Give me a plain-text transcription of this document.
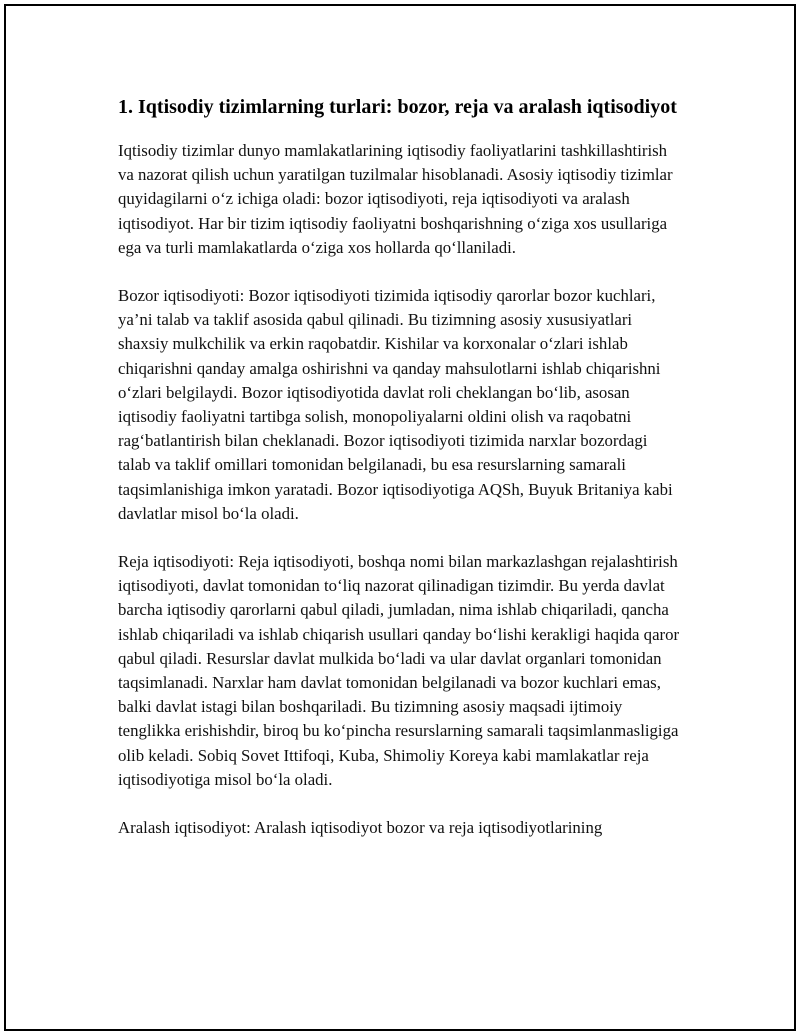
1. Iqtisodiy tizimlarning turlari: bozor, reja va aralash iqtisodiyot

Iqtisodiy tizimlar dunyo mamlakatlarining iqtisodiy faoliyatlarini tashkillashtirish va nazorat qilish uchun yaratilgan tuzilmalar hisoblanadi. Asosiy iqtisodiy tizimlar quyidagilarni o‘z ichiga oladi: bozor iqtisodiyoti, reja iqtisodiyoti va aralash iqtisodiyot. Har bir tizim iqtisodiy faoliyatni boshqarishning o‘ziga xos usullariga ega va turli mamlakatlarda o‘ziga xos hollarda qo‘llaniladi.

Bozor iqtisodiyoti: Bozor iqtisodiyoti tizimida iqtisodiy qarorlar bozor kuchlari, ya’ni talab va taklif asosida qabul qilinadi. Bu tizimning asosiy xususiyatlari shaxsiy mulkchilik va erkin raqobatdir. Kishilar va korxonalar o‘zlari ishlab chiqarishni qanday amalga oshirishni va qanday mahsulotlarni ishlab chiqarishni o‘zlari belgilaydi. Bozor iqtisodiyotida davlat roli cheklangan bo‘lib, asosan iqtisodiy faoliyatni tartibga solish, monopoliyalarni oldini olish va raqobatni rag‘batlantirish bilan cheklanadi. Bozor iqtisodiyoti tizimida narxlar bozordagi talab va taklif omillari tomonidan belgilanadi, bu esa resurslarning samarali taqsimlanishiga imkon yaratadi. Bozor iqtisodiyotiga AQSh, Buyuk Britaniya kabi davlatlar misol bo‘la oladi.

Reja iqtisodiyoti: Reja iqtisodiyoti, boshqa nomi bilan markazlashgan rejalashtirish iqtisodiyoti, davlat tomonidan to‘liq nazorat qilinadigan tizimdir. Bu yerda davlat barcha iqtisodiy qarorlarni qabul qiladi, jumladan, nima ishlab chiqariladi, qancha ishlab chiqariladi va ishlab chiqarish usullari qanday bo‘lishi kerakligi haqida qaror qabul qiladi. Resurslar davlat mulkida bo‘ladi va ular davlat organlari tomonidan taqsimlanadi. Narxlar ham davlat tomonidan belgilanadi va bozor kuchlari emas, balki davlat istagi bilan boshqariladi. Bu tizimning asosiy maqsadi ijtimoiy tenglikka erishishdir, biroq bu ko‘pincha resurslarning samarali taqsimlanmasligiga olib keladi. Sobiq Sovet Ittifoqi, Kuba, Shimoliy Koreya kabi mamlakatlar reja iqtisodiyotiga misol bo‘la oladi.

Aralash iqtisodiyot: Aralash iqtisodiyot bozor va reja iqtisodiyotlarining
